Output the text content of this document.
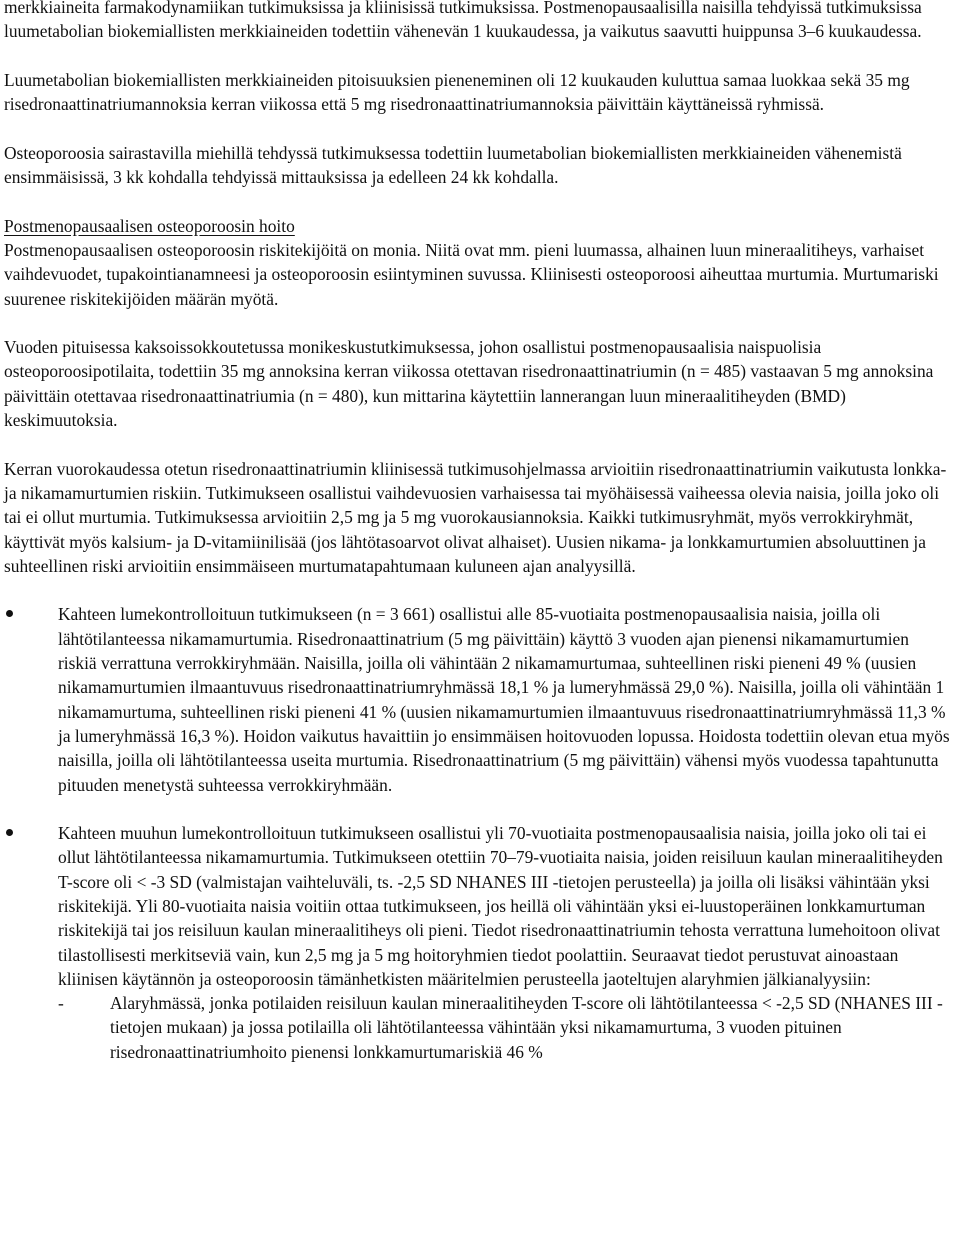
merkkiaineita farmakodynamiikan tutkimuksissa ja kliinisissä tutkimuksissa. Postmenopausaalisilla naisilla tehdyissä tutkimuksissa luumetabolian biokemiallisten merkkiaineiden todettiin vähenevän 1 kuukaudessa, ja vaikutus saavutti huippunsa 3–6 kuukaudessa.

Luumetabolian biokemiallisten merkkiaineiden pitoisuuksien pieneneminen oli 12 kuukauden kuluttua samaa luokkaa sekä 35 mg risedronaattinatriumannoksia kerran viikossa että 5 mg risedronaattinatriumannoksia päivittäin käyttäneissä ryhmissä.

Osteoporoosia sairastavilla miehillä tehdyssä tutkimuksessa todettiin luumetabolian biokemiallisten merkkiaineiden vähenemistä ensimmäisissä, 3 kk kohdalla tehdyissä mittauksissa ja edelleen 24 kk kohdalla.

Postmenopausaalisen osteoporoosin hoito

Postmenopausaalisen osteoporoosin riskitekijöitä on monia. Niitä ovat mm. pieni luumassa, alhainen luun mineraalitiheys, varhaiset vaihdevuodet, tupakointianamneesi ja osteoporoosin esiintyminen suvussa. Kliinisesti osteoporoosi aiheuttaa murtumia. Murtumariski suurenee riskitekijöiden määrän myötä.

Vuoden pituisessa kaksoissokkoutetussa monikeskustutkimuksessa, johon osallistui postmenopausaalisia naispuolisia osteoporoosipotilaita, todettiin 35 mg annoksina kerran viikossa otettavan risedronaattinatriumin (n = 485) vastaavan 5 mg annoksina päivittäin otettavaa risedronaattinatriumia (n = 480), kun mittarina käytettiin lannerangan luun mineraalitiheyden (BMD) keskimuutoksia.

Kerran vuorokaudessa otetun risedronaattinatriumin kliinisessä tutkimusohjelmassa arvioitiin risedronaattinatriumin vaikutusta lonkka- ja nikamamurtumien riskiin. Tutkimukseen osallistui vaihdevuosien varhaisessa tai myöhäisessä vaiheessa olevia naisia, joilla joko oli tai ei ollut murtumia. Tutkimuksessa arvioitiin 2,5 mg ja 5 mg vuorokausiannoksia. Kaikki tutkimusryhmät, myös verrokkiryhmät, käyttivät myös kalsium- ja D-vitamiinilisää (jos lähtötasoarvot olivat alhaiset). Uusien nikama- ja lonkkamurtumien absoluuttinen ja suhteellinen riski arvioitiin ensimmäiseen murtumatapahtumaan kuluneen ajan analyysillä.

Kahteen lumekontrolloituun tutkimukseen (n = 3 661) osallistui alle 85-vuotiaita postmenopausaalisia naisia, joilla oli lähtötilanteessa nikamamurtumia. Risedronaattinatrium (5 mg päivittäin) käyttö 3 vuoden ajan pienensi nikamamurtumien riskiä verrattuna verrokkiryhmään. Naisilla, joilla oli vähintään 2 nikamamurtumaa, suhteellinen riski pieneni 49 % (uusien nikamamurtumien ilmaantuvuus risedronaattinatriumryhmässä 18,1 % ja lumeryhmässä 29,0 %). Naisilla, joilla oli vähintään 1 nikamamurtuma, suhteellinen riski pieneni 41 % (uusien nikamamurtumien ilmaantuvuus risedronaattinatriumryhmässä 11,3 % ja lumeryhmässä 16,3 %). Hoidon vaikutus havaittiin jo ensimmäisen hoitovuoden lopussa. Hoidosta todettiin olevan etua myös naisilla, joilla oli lähtötilanteessa useita murtumia. Risedronaattinatrium (5 mg päivittäin) vähensi myös vuodessa tapahtunutta pituuden menetystä suhteessa verrokkiryhmään.
Kahteen muuhun lumekontrolloituun tutkimukseen osallistui yli 70-vuotiaita postmenopausaalisia naisia, joilla joko oli tai ei ollut lähtötilanteessa nikamamurtumia. Tutkimukseen otettiin 70–79-vuotiaita naisia, joiden reisiluun kaulan mineraalitiheyden T-score oli < -3 SD (valmistajan vaihteluväli, ts. -2,5 SD NHANES III -tietojen perusteella) ja joilla oli lisäksi vähintään yksi riskitekijä. Yli 80-vuotiaita naisia voitiin ottaa tutkimukseen, jos heillä oli vähintään yksi ei-luustoperäinen lonkkamurtuman riskitekijä tai jos reisiluun kaulan mineraalitiheys oli pieni. Tiedot risedronaattinatriumin tehosta verrattuna lumehoitoon olivat tilastollisesti merkitseviä vain, kun 2,5 mg ja 5 mg hoitoryhmien tiedot poolattiin. Seuraavat tiedot perustuvat ainoastaan kliinisen käytännön ja osteoporoosin tämänhetkisten määritelmien perusteella jaoteltujen alaryhmien jälkianalyysiin:
-	Alaryhmässä, jonka potilaiden reisiluun kaulan mineraalitiheyden T-score oli lähtötilanteessa < -2,5 SD (NHANES III -tietojen mukaan) ja jossa potilailla oli lähtötilanteessa vähintään yksi nikamamurtuma, 3 vuoden pituinen risedronaattinatriumhoito pienensi lonkkamurtumariskiä 46 %
